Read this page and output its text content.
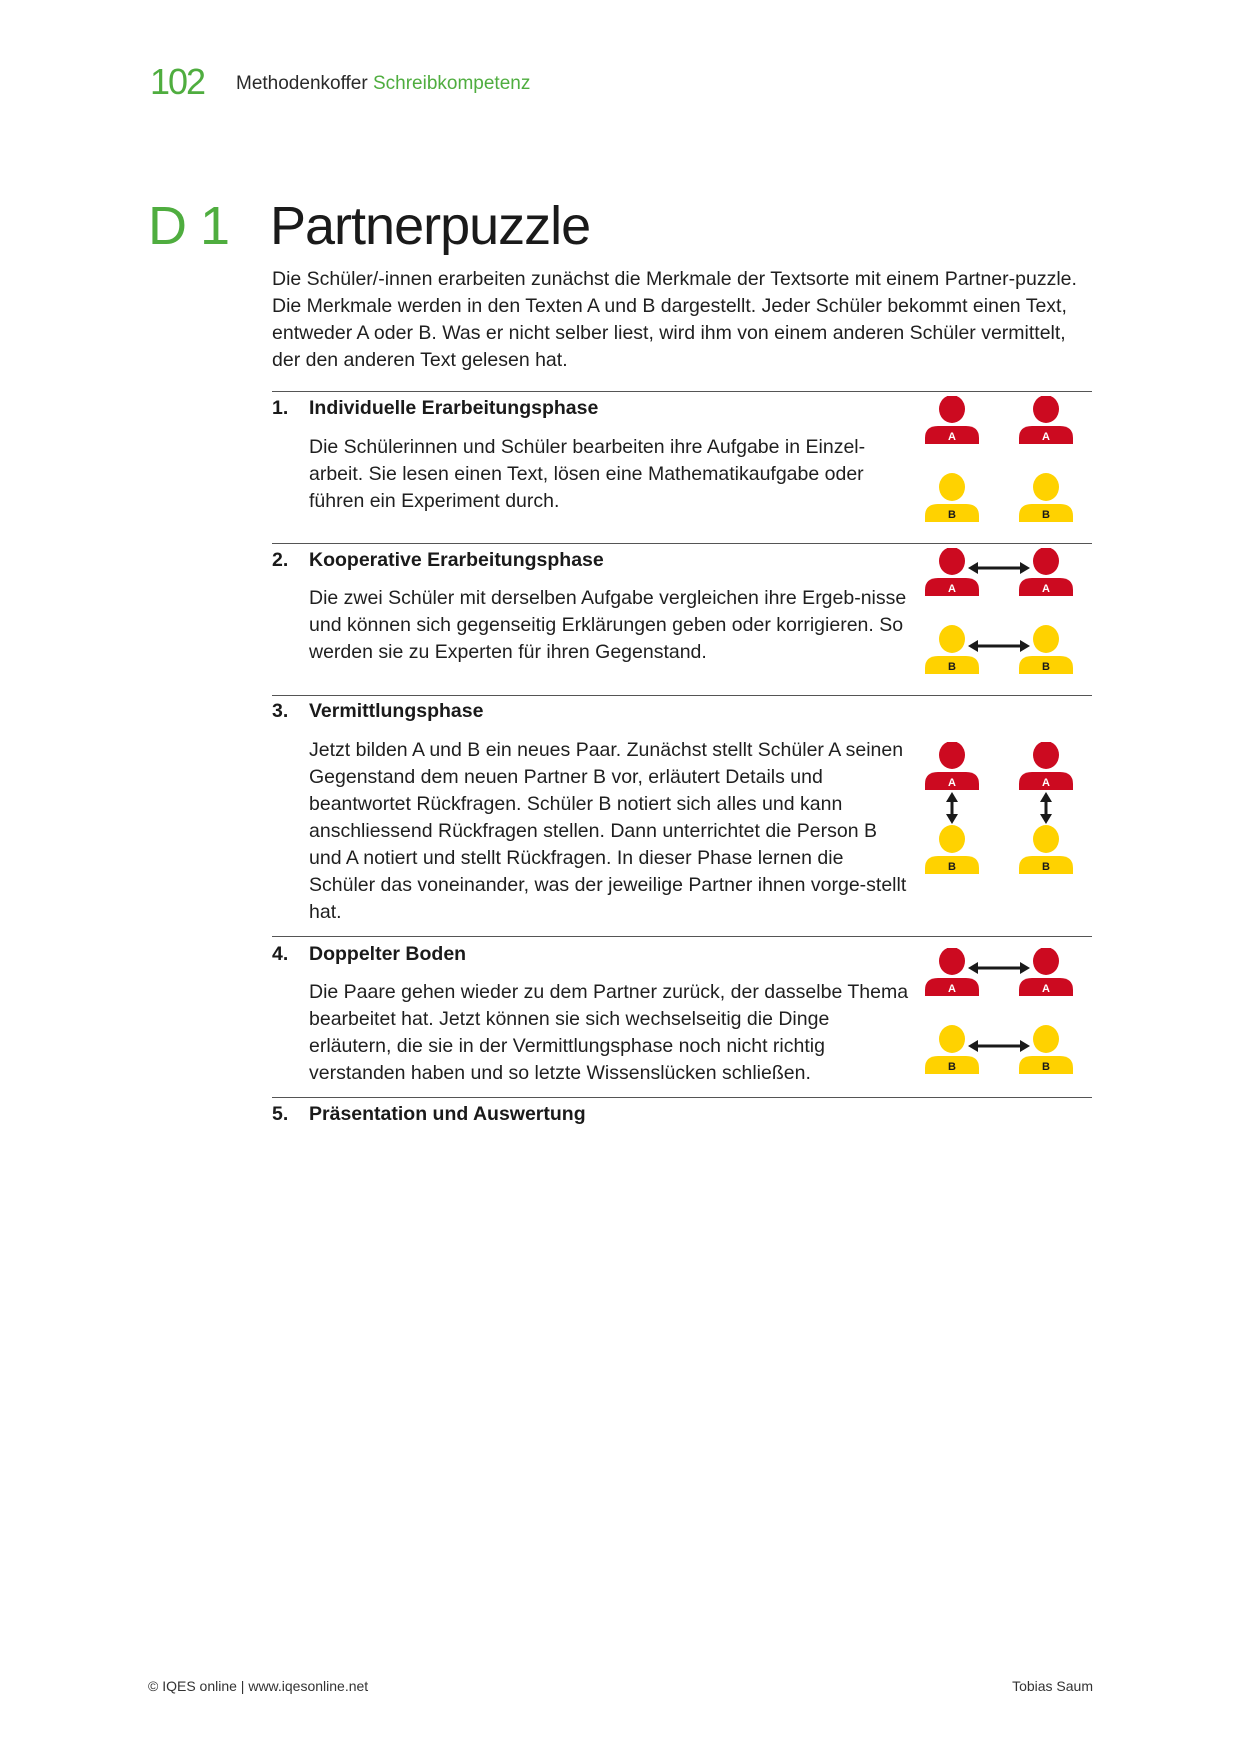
102 Methodenkoffer Schreibkompetenz
D 1 Partnerpuzzle
Die Schüler/-innen erarbeiten zunächst die Merkmale der Textsorte mit einem Partner-puzzle. Die Merkmale werden in den Texten A und B dargestellt. Jeder Schüler bekommt einen Text, entweder A oder B. Was er nicht selber liest, wird ihm von einem anderen Schüler vermittelt, der den anderen Text gelesen hat.
1. Individuelle Erarbeitungsphase
Die Schülerinnen und Schüler bearbeiten ihre Aufgabe in Einzel-arbeit. Sie lesen einen Text, lösen eine Mathematikaufgabe oder führen ein Experiment durch.
A	A
B	B
2. Kooperative Erarbeitungsphase
Die zwei Schüler mit derselben Aufgabe vergleichen ihre Ergeb-nisse und können sich gegenseitig Erklärungen geben oder korrigieren. So werden sie zu Experten für ihren Gegenstand.
A	A
B	B
3. Vermittlungsphase
Jetzt bilden A und B ein neues Paar. Zunächst stellt Schüler A seinen Gegenstand dem neuen Partner B vor, erläutert Details und beantwortet Rückfragen. Schüler B notiert sich alles und kann anschliessend Rückfragen stellen. Dann unterrichtet die Person B und A notiert und stellt Rückfragen. In dieser Phase lernen die Schüler das voneinander, was der jeweilige Partner ihnen vorge-stellt hat.
A	A
B	B
4. Doppelter Boden
Die Paare gehen wieder zu dem Partner zurück, der dasselbe Thema bearbeitet hat. Jetzt können sie sich wechselseitig die Dinge erläutern, die sie in der Vermittlungsphase noch nicht richtig verstanden haben und so letzte Wissenslücken schließen.
A	A
B	B
5. Präsentation und Auswertung
© IQES online | www.iqesonline.net	Tobias Saum
